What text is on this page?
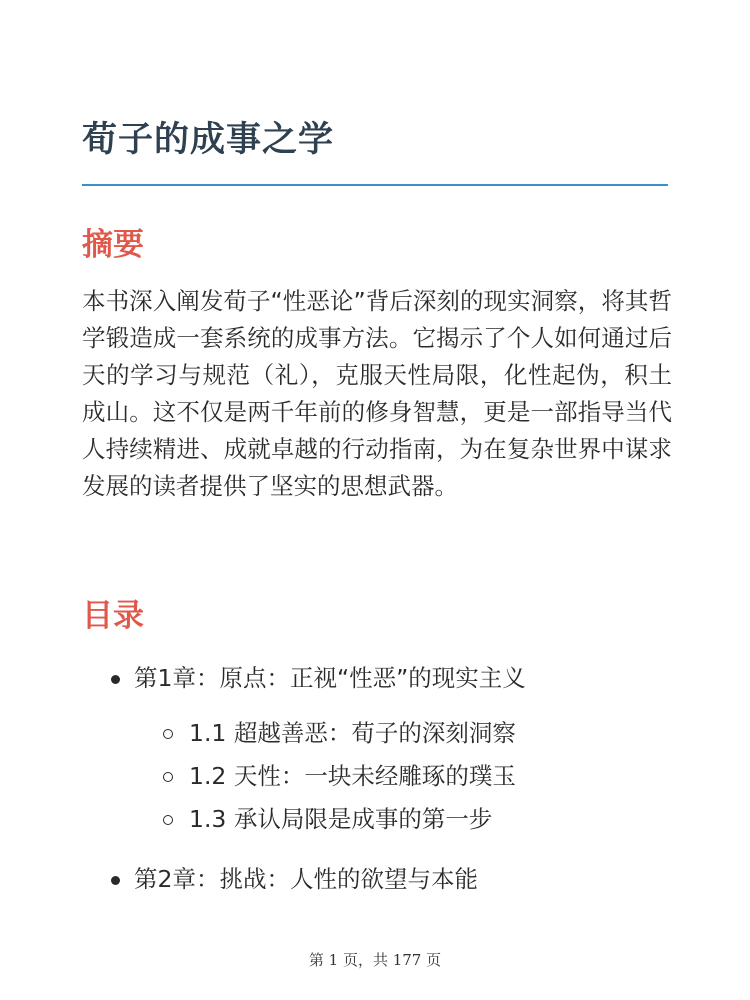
荀子的成事之学
摘要

本书深入阐发荀子“性恶论”背后深刻的现实洞察，将其哲学锻造成一套系统的成事方法。它揭示了个人如何通过后天的学习与规范（礼），克服天性局限，化性起伪，积土成山。这不仅是两千年前的修身智慧，更是一部指导当代人持续精进、成就卓越的行动指南，为在复杂世界中谋求发展的读者提供了坚实的思想武器。

目录
第1章：原点：正视“性恶”的现实主义
1.1 超越善恶：荀子的深刻洞察
1.2 天性：一块未经雕琢的璞玉
1.3 承认局限是成事的第一步
第2章：挑战：人性的欲望与本能
第 1 页，共 177 页
